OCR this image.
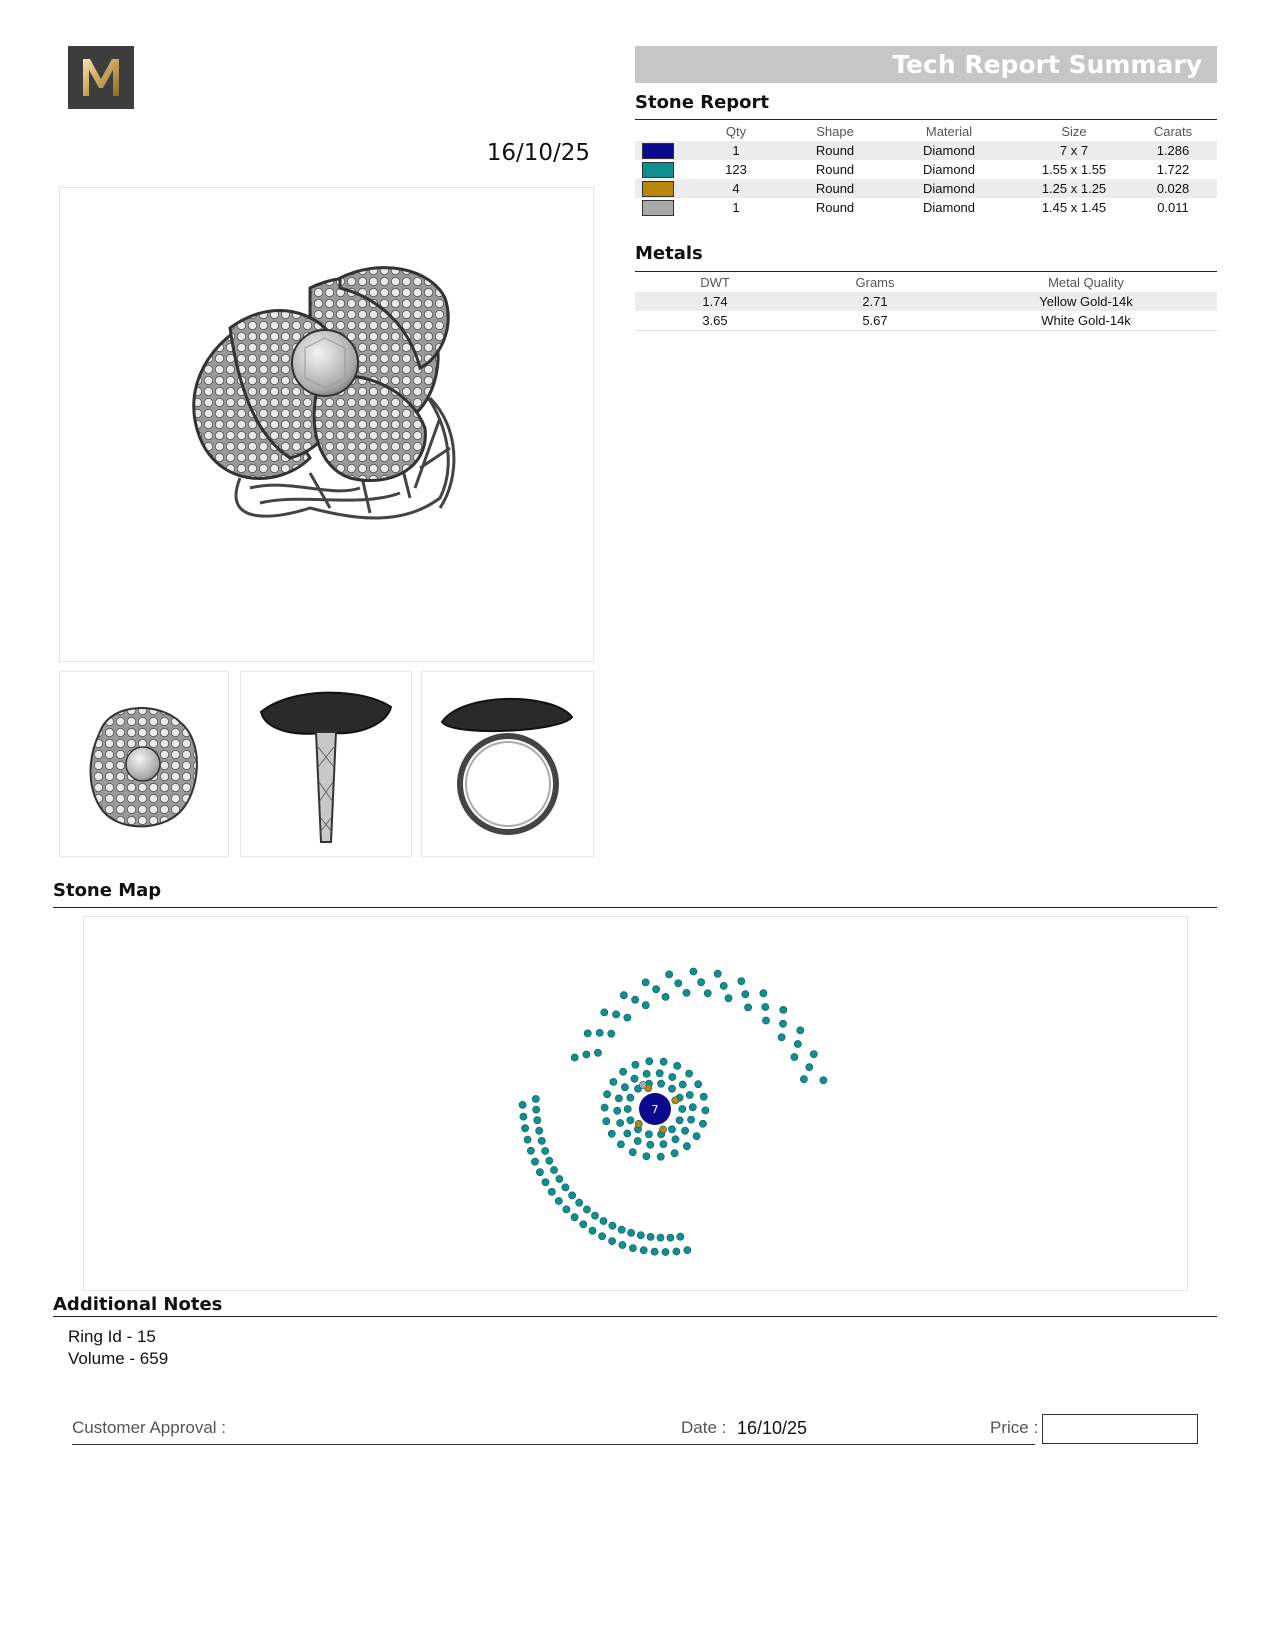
16/10/25
Tech Report Summary
Stone Report
	Qty	Shape	Material	Size	Carats
	1	Round	Diamond	7 x 7	1.286
	123	Round	Diamond	1.55 x 1.55	1.722
	4	Round	Diamond	1.25 x 1.25	0.028
	1	Round	Diamond	1.45 x 1.45	0.011
Metals
DWT	Grams	Metal Quality
1.74	2.71	Yellow Gold-14k
3.65	5.67	White Gold-14k
Stone Map
7
Additional Notes
Ring Id - 15
Volume - 659
Customer Approval :	Date : 16/10/25	Price :
